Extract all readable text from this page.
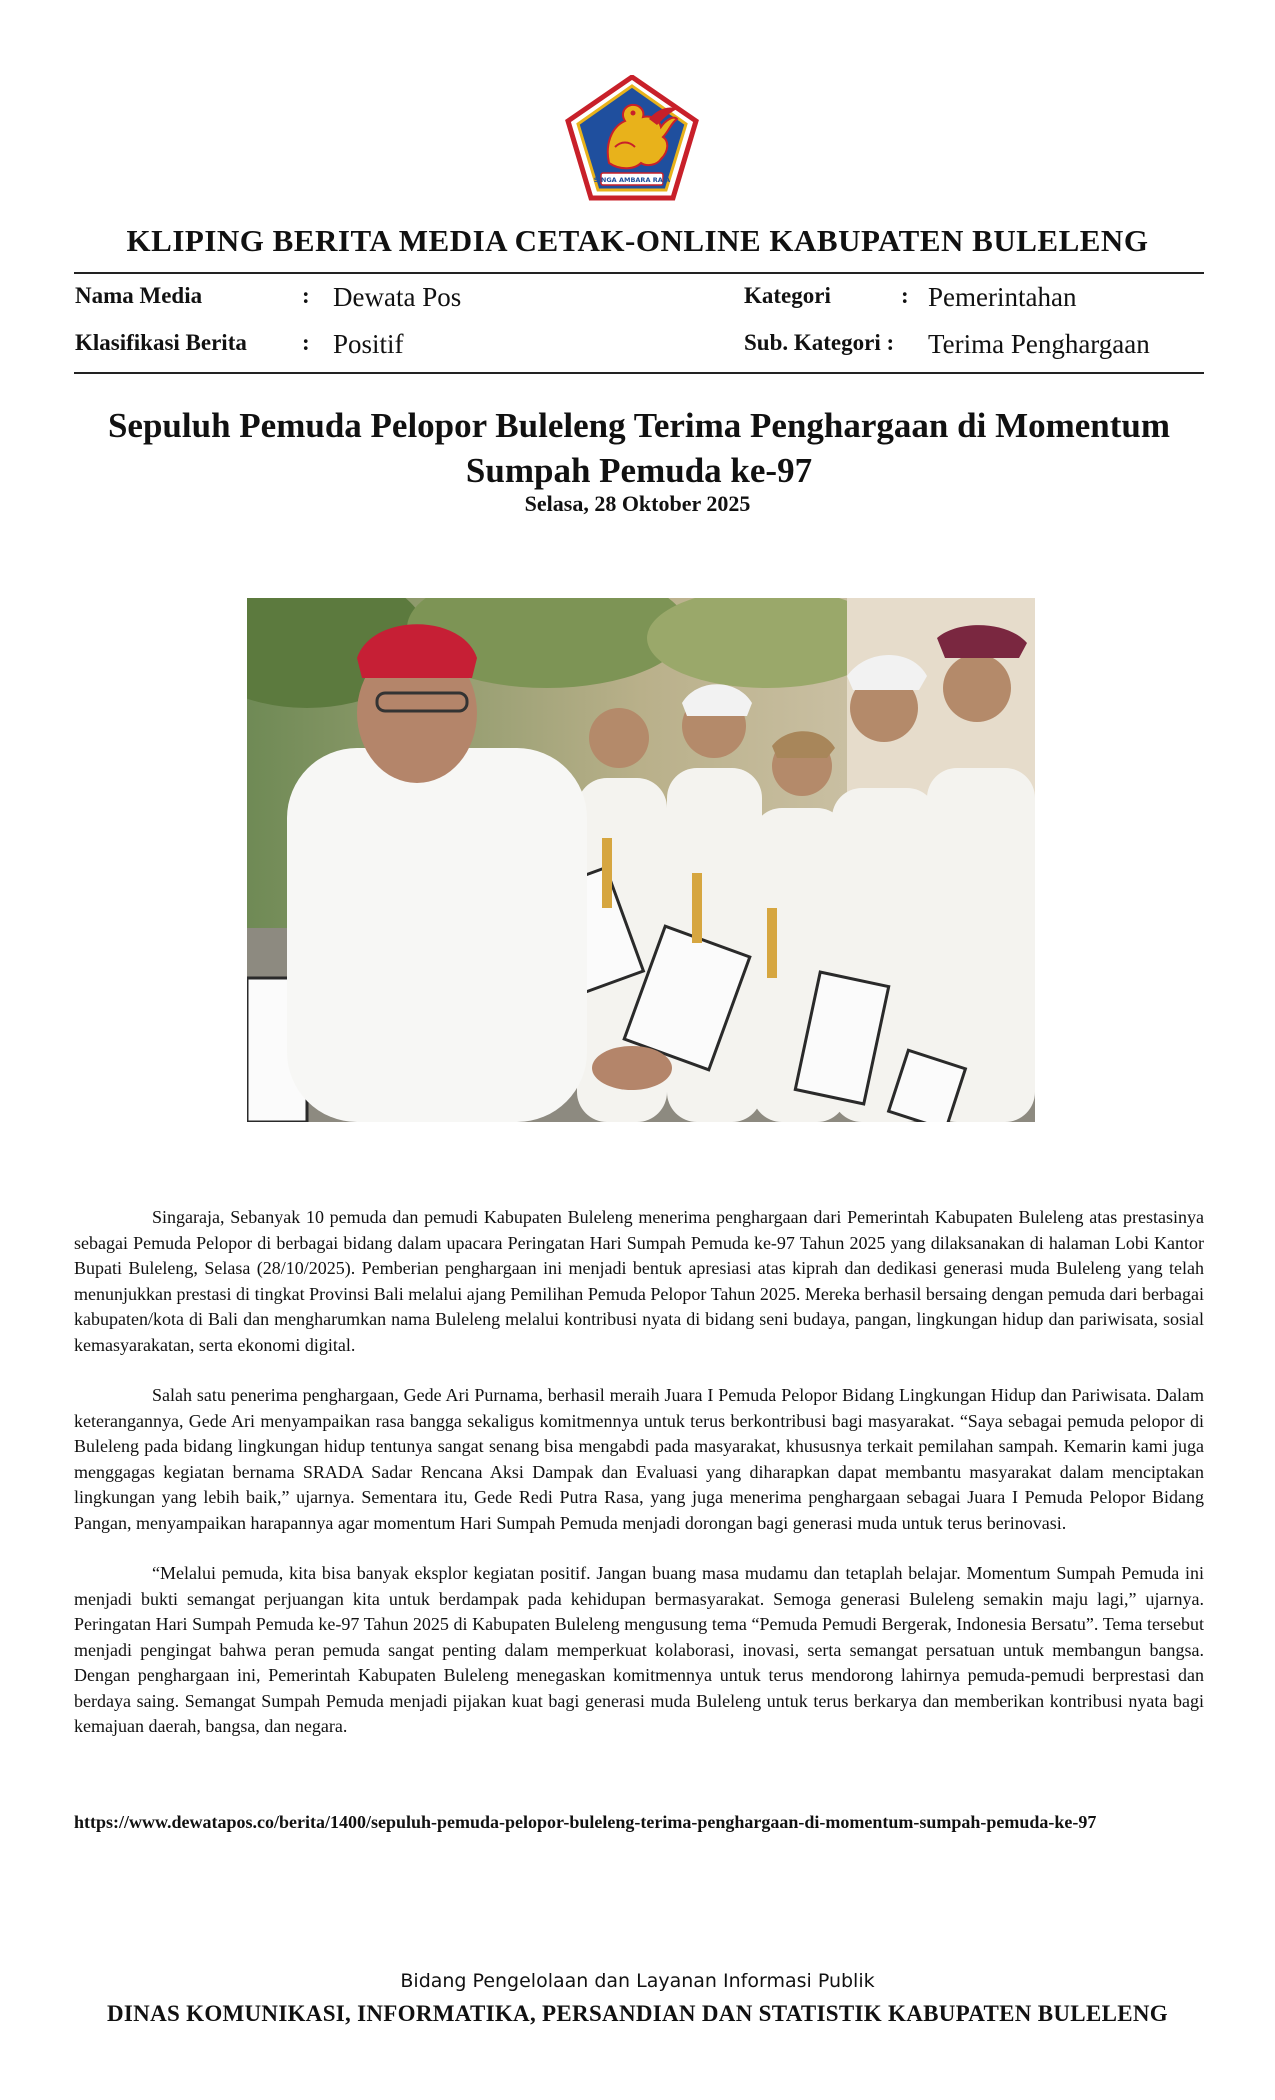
SINGA AMBARA RAJA
KLIPING BERITA MEDIA CETAK-ONLINE KABUPATEN BULELENG
Nama Media	: Dewata Pos	Kategori	: Pemerintahan
Klasifikasi Berita : Positif	Sub. Kategori : Terima Penghargaan
Sepuluh Pemuda Pelopor Buleleng Terima Penghargaan di Momentum Sumpah Pemuda ke-97
Selasa, 28 Oktober 2025

Singaraja, Sebanyak 10 pemuda dan pemudi Kabupaten Buleleng menerima penghargaan dari Pemerintah Kabupaten Buleleng atas prestasinya sebagai Pemuda Pelopor di berbagai bidang dalam upacara Peringatan Hari Sumpah Pemuda ke-97 Tahun 2025 yang dilaksanakan di halaman Lobi Kantor Bupati Buleleng, Selasa (28/10/2025). Pemberian penghargaan ini menjadi bentuk apresiasi atas kiprah dan dedikasi generasi muda Buleleng yang telah menunjukkan prestasi di tingkat Provinsi Bali melalui ajang Pemilihan Pemuda Pelopor Tahun 2025. Mereka berhasil bersaing dengan pemuda dari berbagai kabupaten/kota di Bali dan mengharumkan nama Buleleng melalui kontribusi nyata di bidang seni budaya, pangan, lingkungan hidup dan pariwisata, sosial kemasyarakatan, serta ekonomi digital.

Salah satu penerima penghargaan, Gede Ari Purnama, berhasil meraih Juara I Pemuda Pelopor Bidang Lingkungan Hidup dan Pariwisata. Dalam keterangannya, Gede Ari menyampaikan rasa bangga sekaligus komitmennya untuk terus berkontribusi bagi masyarakat. “Saya sebagai pemuda pelopor di Buleleng pada bidang lingkungan hidup tentunya sangat senang bisa mengabdi pada masyarakat, khususnya terkait pemilahan sampah. Kemarin kami juga menggagas kegiatan bernama SRADA Sadar Rencana Aksi Dampak dan Evaluasi yang diharapkan dapat membantu masyarakat dalam menciptakan lingkungan yang lebih baik,” ujarnya. Sementara itu, Gede Redi Putra Rasa, yang juga menerima penghargaan sebagai Juara I Pemuda Pelopor Bidang Pangan, menyampaikan harapannya agar momentum Hari Sumpah Pemuda menjadi dorongan bagi generasi muda untuk terus berinovasi.

“Melalui pemuda, kita bisa banyak eksplor kegiatan positif. Jangan buang masa mudamu dan tetaplah belajar. Momentum Sumpah Pemuda ini menjadi bukti semangat perjuangan kita untuk berdampak pada kehidupan bermasyarakat. Semoga generasi Buleleng semakin maju lagi,” ujarnya. Peringatan Hari Sumpah Pemuda ke-97 Tahun 2025 di Kabupaten Buleleng mengusung tema “Pemuda Pemudi Bergerak, Indonesia Bersatu”. Tema tersebut menjadi pengingat bahwa peran pemuda sangat penting dalam memperkuat kolaborasi, inovasi, serta semangat persatuan untuk membangun bangsa. Dengan penghargaan ini, Pemerintah Kabupaten Buleleng menegaskan komitmennya untuk terus mendorong lahirnya pemuda-pemudi berprestasi dan berdaya saing. Semangat Sumpah Pemuda menjadi pijakan kuat bagi generasi muda Buleleng untuk terus berkarya dan memberikan kontribusi nyata bagi kemajuan daerah, bangsa, dan negara.

https://www.dewatapos.co/berita/1400/sepuluh-pemuda-pelopor-buleleng-terima-penghargaan-di-momentum-sumpah-pemuda-ke-97
Bidang Pengelolaan dan Layanan Informasi Publik
DINAS KOMUNIKASI, INFORMATIKA, PERSANDIAN DAN STATISTIK KABUPATEN BULELENG
